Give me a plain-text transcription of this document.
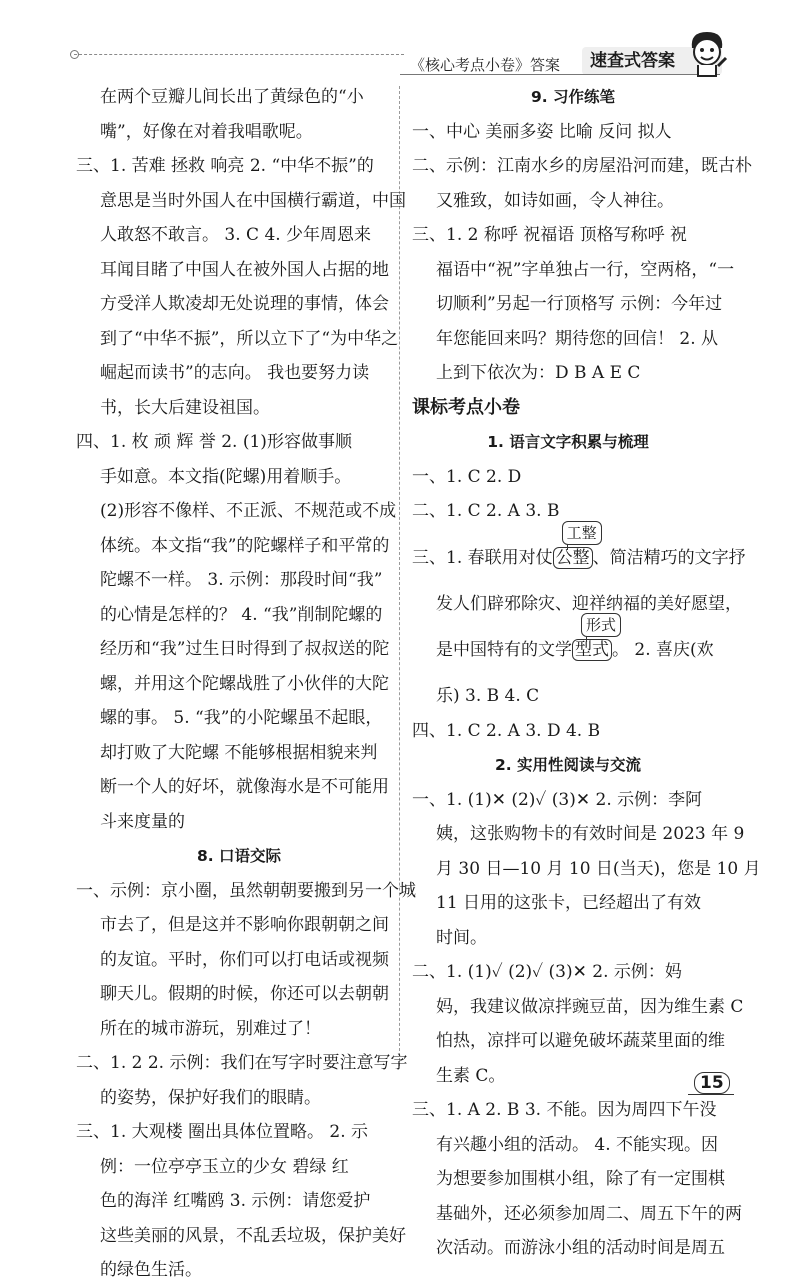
《核心考点小卷》答案	速查式答案

在两个豆瓣儿间长出了黄绿色的“小

嘴”，好像在对着我唱歌呢。

三、1. 苦难 拯救 响亮 2. “中华不振”的

意思是当时外国人在中国横行霸道，中国

人敢怒不敢言。 3. C 4. 少年周恩来

耳闻目睹了中国人在被外国人占据的地

方受洋人欺凌却无处说理的事情，体会

到了“中华不振”，所以立下了“为中华之

崛起而读书”的志向。 我也要努力读

书，长大后建设祖国。

四、1. 枚 顽 辉 誉 2. (1)形容做事顺

手如意。本文指(陀螺)用着顺手。

(2)形容不像样、不正派、不规范或不成

体统。本文指“我”的陀螺样子和平常的

陀螺不一样。 3. 示例：那段时间“我”

的心情是怎样的？ 4. “我”削制陀螺的

经历和“我”过生日时得到了叔叔送的陀

螺，并用这个陀螺战胜了小伙伴的大陀

螺的事。 5. “我”的小陀螺虽不起眼，

却打败了大陀螺 不能够根据相貌来判

断一个人的好坏，就像海水是不可能用

斗来度量的

8. 口语交际

一、示例：京小圈，虽然朝朝要搬到另一个城

市去了，但是这并不影响你跟朝朝之间

的友谊。平时，你们可以打电话或视频

聊天儿。假期的时候，你还可以去朝朝

所在的城市游玩，别难过了！

二、1. 2 2. 示例：我们在写字时要注意写字

的姿势，保护好我们的眼睛。

三、1. 大观楼 圈出具体位置略。 2. 示

例：一位亭亭玉立的少女 碧绿 红

色的海洋 红嘴鸥 3. 示例：请您爱护

这些美丽的风景，不乱丢垃圾，保护美好

的绿色生活。

9. 习作练笔

一、中心 美丽多姿 比喻 反问 拟人

二、示例：江南水乡的房屋沿河而建，既古朴

又雅致，如诗如画，令人神往。

三、1. 2 称呼 祝福语 顶格写称呼 祝

福语中“祝”字单独占一行，空两格，“一

切顺利”另起一行顶格写 示例：今年过

年您能回来吗？期待您的回信！ 2. 从

上到下依次为：D B A E C

课标考点小卷

1. 语言文字积累与梳理

一、1. C 2. D

二、1. C 2. A 3. B

三、1. 春联用对仗 公整
工整
、简洁精巧的文字抒

发人们辟邪除灾、迎祥纳福的美好愿望，

是中国特有的文学 型式
形式
。 2. 喜庆(欢

乐) 3. B 4. C

四、1. C 2. A 3. D 4. B

2. 实用性阅读与交流

一、1. (1)✕ (2)✓ (3)✕ 2. 示例：李阿

姨，这张购物卡的有效时间是 2023 年 9

月 30 日—10 月 10 日(当天)，您是 10 月

11 日用的这张卡，已经超出了有效

时间。

二、1. (1)✓ (2)✓ (3)✕ 2. 示例：妈

妈，我建议做凉拌豌豆苗，因为维生素 C

怕热，凉拌可以避免破坏蔬菜里面的维

生素 C。

三、1. A 2. B 3. 不能。因为周四下午没

有兴趣小组的活动。 4. 不能实现。因

为想要参加围棋小组，除了有一定围棋

基础外，还必须参加周二、周五下午的两

次活动。而游泳小组的活动时间是周五

15
